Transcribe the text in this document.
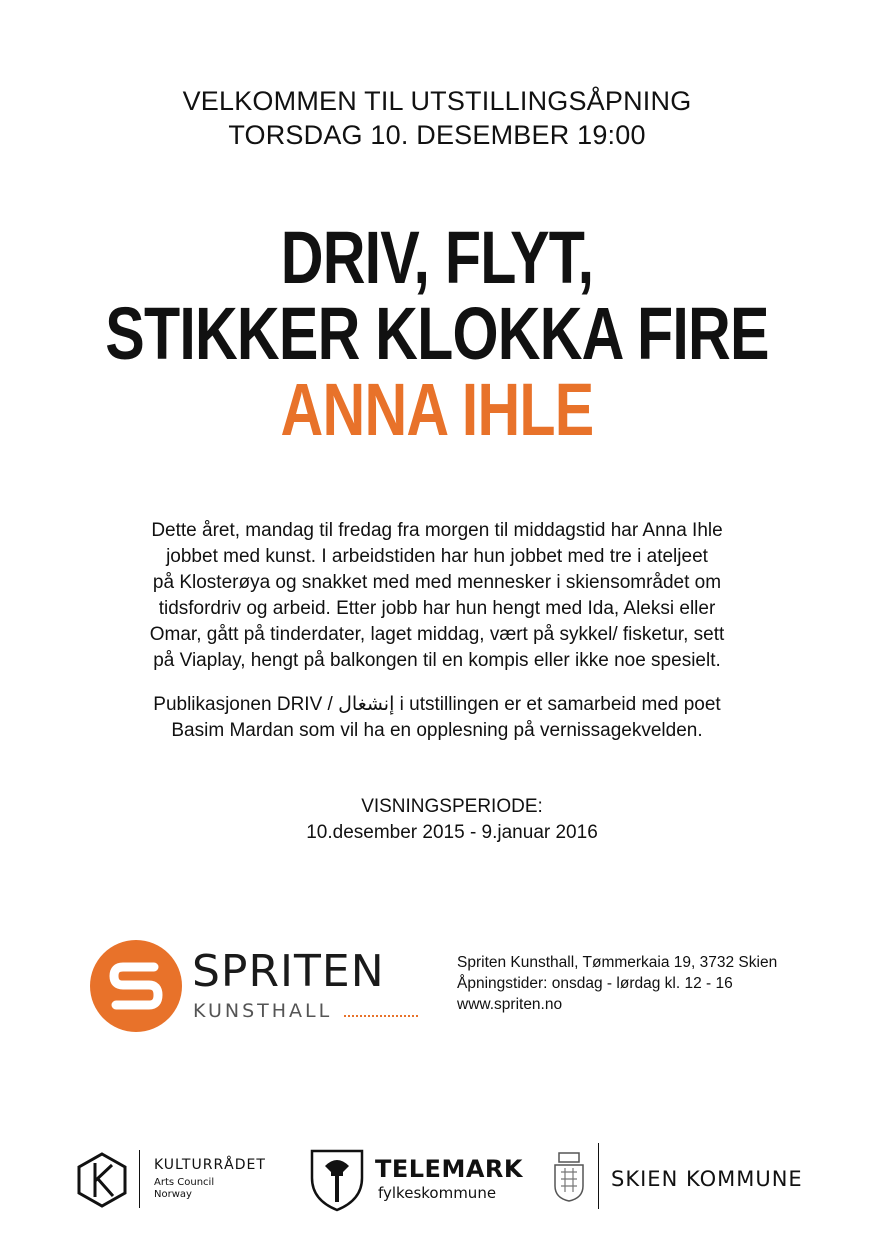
VELKOMMEN TIL UTSTILLINGSÅPNING
TORSDAG 10. DESEMBER 19:00
DRIV, FLYT,
STIKKER KLOKKA FIRE
ANNA IHLE
Dette året, mandag til fredag fra morgen til middagstid har Anna Ihle
jobbet med kunst. I arbeidstiden har hun jobbet med tre i ateljeet
på Klosterøya og snakket med med mennesker i skiensområdet om
tidsfordriv og arbeid. Etter jobb har hun hengt med Ida, Aleksi eller
Omar, gått på tinderdater, laget middag, vært på sykkel/ fisketur, sett
på Viaplay, hengt på balkongen til en kompis eller ikke noe spesielt.
Publikasjonen DRIV / إنشغال i utstillingen er et samarbeid med poet
Basim Mardan som vil ha en opplesning på vernissagekvelden.
VISNINGSPERIODE:
10.desember 2015 - 9.januar 2016
SPRITEN
KUNSTHALL
Spriten Kunsthall, Tømmerkaia 19, 3732 Skien
Åpningstider: onsdag - lørdag kl. 12 - 16
www.spriten.no
KULTURRÅDET
Arts Council
Norway
TELEMARK
fylkeskommune
SKIEN KOMMUNE
